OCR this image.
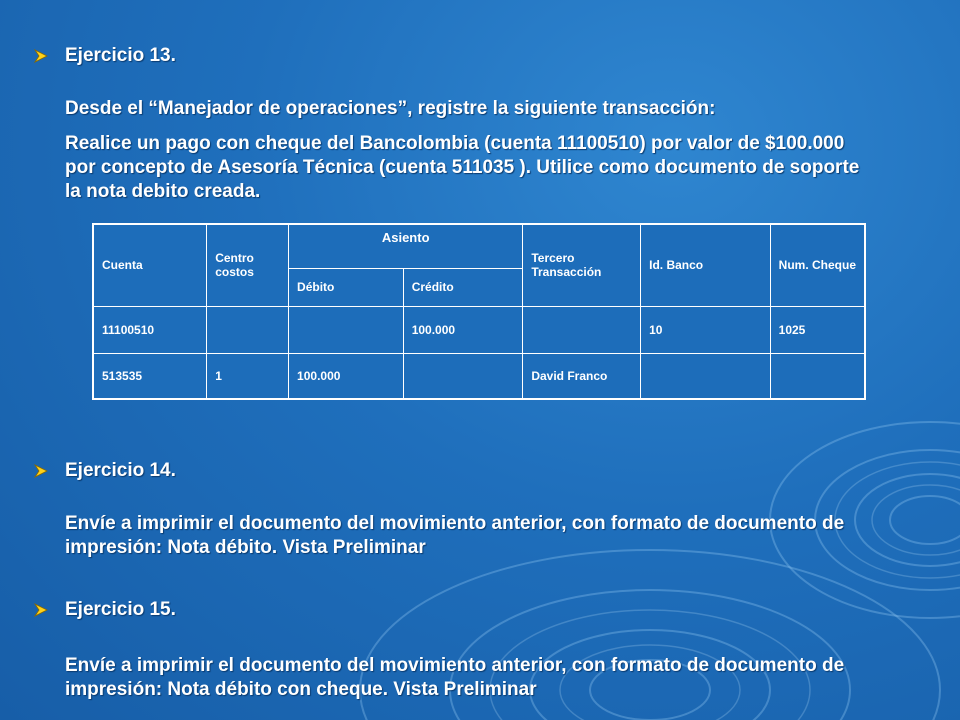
Ejercicio 13.
Desde el “Manejador de operaciones”, registre la siguiente transacción:
Realice un pago con cheque del Bancolombia (cuenta 11100510) por valor de $100.000
por concepto de Asesoría Técnica (cuenta 511035 ). Utilice como documento de soporte
la nota debito creada.
Cuenta	Centro costos	Asiento		Tercero Transacción	Id. Banco	Num. Cheque
		Débito	Crédito			
11100510			100.000		10	1025
513535	1	100.000		David Franco		
Ejercicio 14.
Envíe a imprimir el documento del movimiento anterior, con formato de documento de
impresión: Nota débito. Vista Preliminar
Ejercicio 15.
Envíe a imprimir el documento del movimiento anterior, con formato de documento de
impresión: Nota débito con cheque. Vista Preliminar
